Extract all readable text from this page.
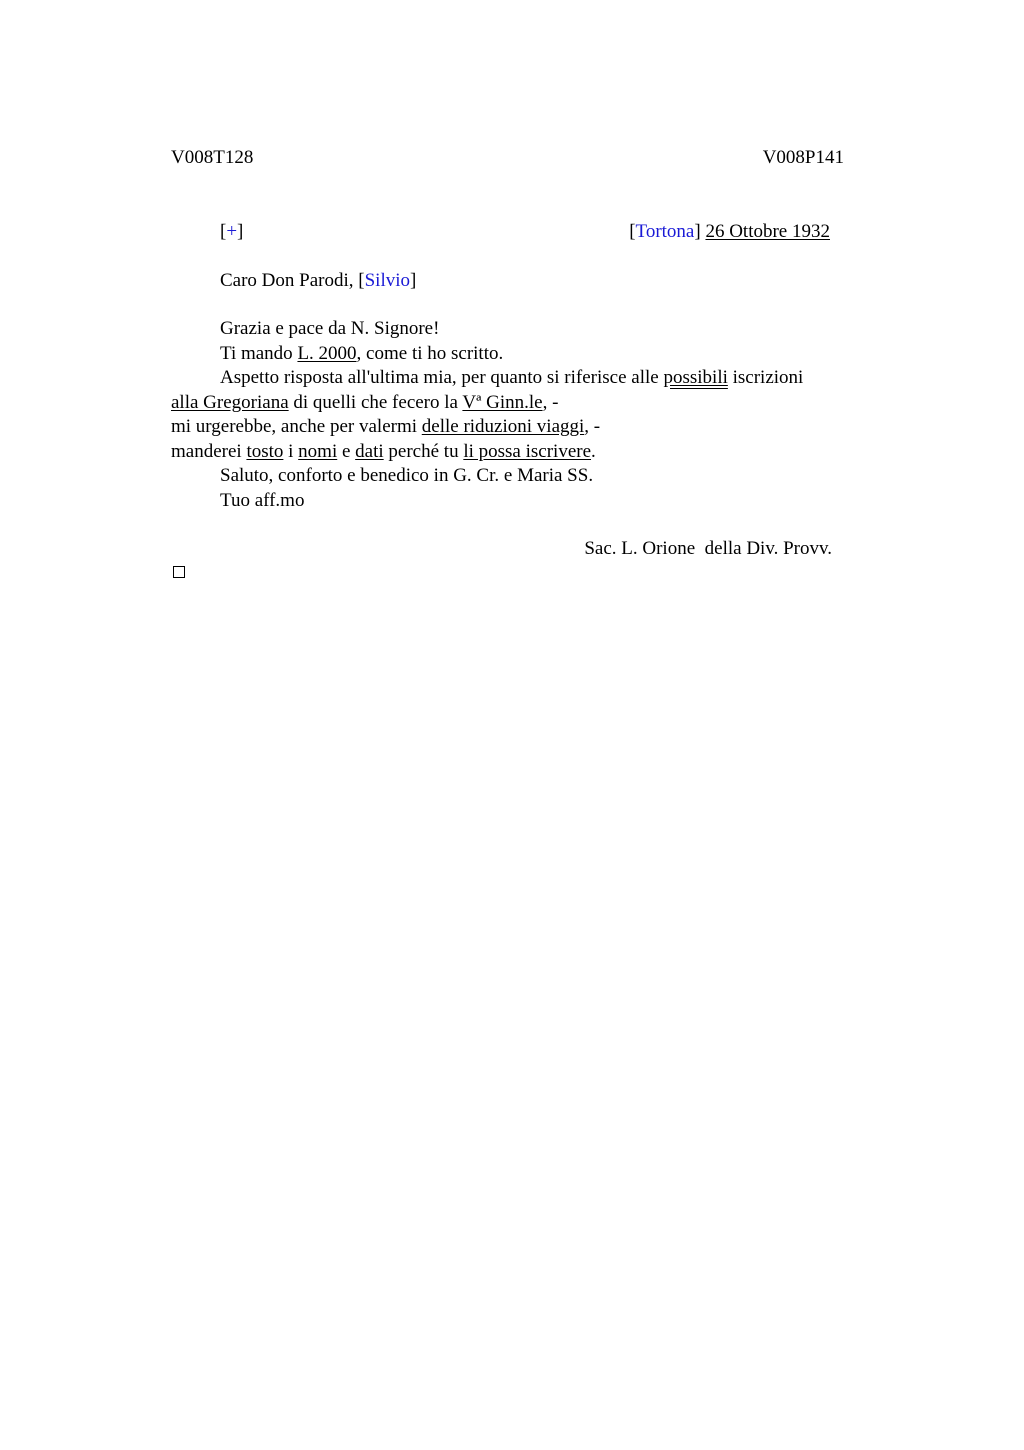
V008T128	V008P141
[+]	[Tortona] 26 Ottobre 1932
Caro Don Parodi, [Silvio]
Grazia e pace da N. Signore!
Ti mando L. 2000, come ti ho scritto.
Aspetto risposta all'ultima mia, per quanto si riferisce alle possibili iscrizioni
alla Gregoriana di quelli che fecero la Vª Ginn.le, -
mi urgerebbe, anche per valermi delle riduzioni viaggi, -
manderei tosto i nomi e dati perché tu li possa iscrivere.
Saluto, conforto e benedico in G. Cr. e Maria SS.
Tuo aff.mo
Sac. L. Orione  della Div. Provv.
